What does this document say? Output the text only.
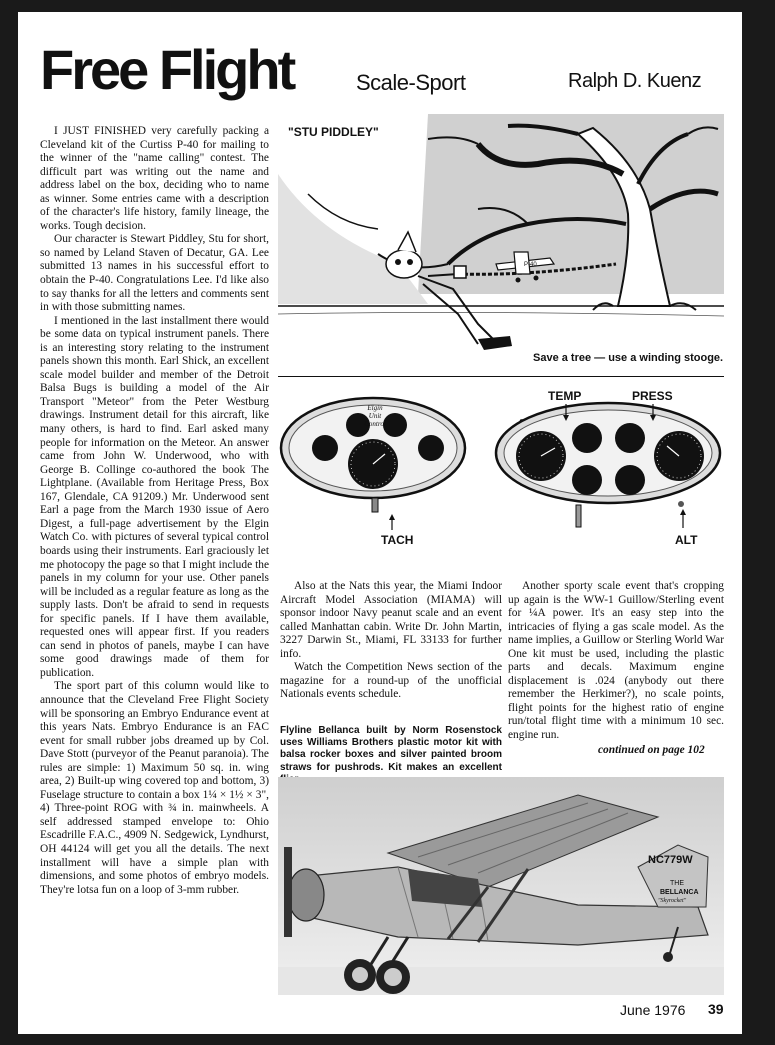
Free Flight	Scale-Sport	Ralph D. Kuenz

I JUST FINISHED very carefully packing a Cleveland kit of the Curtiss P-40 for mailing to the winner of the "name calling" contest. The difficult part was writing out the name and address label on the box, deciding who to name as winner. Some entries came with a description of the character's life history, family lineage, the works. Tough decision.

Our character is Stewart Piddley, Stu for short, so named by Leland Staven of Decatur, GA. Lee submitted 13 names in his successful effort to obtain the P-40. Congratulations Lee. I'd like also to say thanks for all the letters and comments sent in with those submitting names.

I mentioned in the last installment there would be some data on typical instrument panels. There is an interesting story relating to the instrument panels shown this month. Earl Shick, an excellent scale model builder and member of the Detroit Balsa Bugs is building a model of the Air Transport "Meteor" from the Peter Westburg drawings. Instrument detail for this aircraft, like many others, is hard to find. Earl asked many people for information on the Meteor. An answer came from John W. Underwood, who with George B. Collinge co-authored the book The Lightplane. (Available from Heritage Press, Box 167, Glendale, CA 91209.) Mr. Underwood sent Earl a page from the March 1930 issue of Aero Digest, a full-page advertisement by the Elgin Watch Co. with pictures of several typical control boards using their instruments. Earl graciously let me photocopy the page so that I might include the panels in my column for your use. Other panels will be included as a regular feature as long as the supply lasts. Don't be afraid to send in requests for specific panels. If I have them available, requested ones will appear first. If you readers can send in photos of panels, maybe I can have some good drawings made of them for publication.

The sport part of this column would like to announce that the Cleveland Free Flight Society will be sponsoring an Embryo Endurance event at this years Nats. Embryo Endurance is an FAC event for small rubber jobs dreamed up by Col. Dave Stott (purveyor of the Peanut paranoia). The rules are simple: 1) Maximum 50 sq. in. wing area, 2) Built-up wing covered top and bottom, 3) Fuselage structure to contain a box 1¼ × 1½ × 3", 4) Three-point ROG with ¾ in. mainwheels. A self addressed stamped envelope to: Ohio Escadrille F.A.C., 4909 N. Sedgewick, Lyndhurst, OH 44124 will get you all the details. The next installment will have a simple plan with dimensions, and some photos of embryo models. They're lotsa fun on a loop of 3-mm rubber.

P-40
"STU PIDDLEY"
Save a tree — use a winding stooge.
Elgin
Unit
Control
TACH
TEMP	PRESS
ALT

Also at the Nats this year, the Miami Indoor Aircraft Model Association (MIAMA) will sponsor indoor Navy peanut scale and an event called Manhattan cabin. Write Dr. John Martin, 3227 Darwin St., Miami, FL 33133 for further info.

Watch the Competition News section of the magazine for a round-up of the unofficial Nationals events schedule.

Another sporty scale event that's cropping up again is the WW-1 Guillow/Sterling event for ¼A power. It's an easy step into the intricacies of flying a gas scale model. As the name implies, a Guillow or Sterling World War One kit must be used, including the plastic parts and decals. Maximum engine displacement is .024 (anybody out there remember the Herkimer?), no scale points, flight points for the highest ratio of engine run/total flight time with a minimum 10 sec. engine run.

continued on page 102
Flyline Bellanca built by Norm Rosenstock uses Williams Brothers plastic motor kit with balsa rocker boxes and silver painted broom straws for pushrods. Kit makes an excellent
THE
BELLANCA
"Skyrocket"
NC779W
June 1976 39
